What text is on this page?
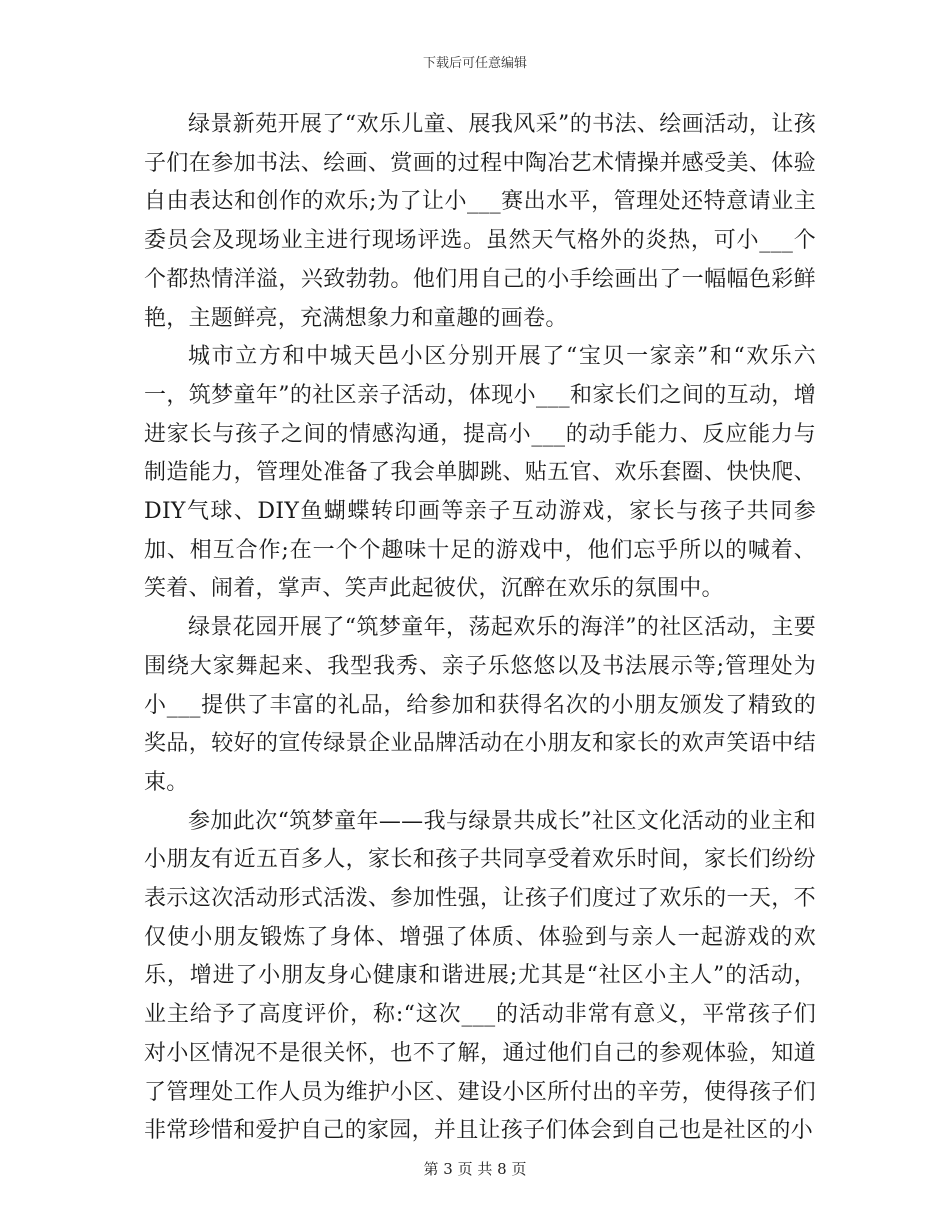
下载后可任意编辑

绿景新苑开展了“欢乐儿童、展我风采”的书法、绘画活动，让孩子们在参加书法、绘画、赏画的过程中陶冶艺术情操并感受美、体验自由表达和创作的欢乐;为了让小___赛出水平，管理处还特意请业主委员会及现场业主进行现场评选。虽然天气格外的炎热，可小___个个都热情洋溢，兴致勃勃。他们用自己的小手绘画出了一幅幅色彩鲜艳，主题鲜亮，充满想象力和童趣的画卷。

城市立方和中城天邑小区分别开展了“宝贝一家亲”和“欢乐六一，筑梦童年”的社区亲子活动，体现小___和家长们之间的互动，增进家长与孩子之间的情感沟通，提高小___的动手能力、反应能力与制造能力，管理处准备了我会单脚跳、贴五官、欢乐套圈、快快爬、DIY气球、DIY鱼蝴蝶转印画等亲子互动游戏，家长与孩子共同参加、相互合作;在一个个趣味十足的游戏中，他们忘乎所以的喊着、笑着、闹着，掌声、笑声此起彼伏，沉醉在欢乐的氛围中。

绿景花园开展了“筑梦童年，荡起欢乐的海洋”的社区活动，主要围绕大家舞起来、我型我秀、亲子乐悠悠以及书法展示等;管理处为小___提供了丰富的礼品，给参加和获得名次的小朋友颁发了精致的奖品，较好的宣传绿景企业品牌活动在小朋友和家长的欢声笑语中结束。

参加此次“筑梦童年——我与绿景共成长”社区文化活动的业主和小朋友有近五百多人，家长和孩子共同享受着欢乐时间，家长们纷纷表示这次活动形式活泼、参加性强，让孩子们度过了欢乐的一天，不仅使小朋友锻炼了身体、增强了体质、体验到与亲人一起游戏的欢乐，增进了小朋友身心健康和谐进展;尤其是“社区小主人”的活动，业主给予了高度评价，称:“这次___的活动非常有意义，平常孩子们对小区情况不是很关怀，也不了解，通过他们自己的参观体验，知道了管理处工作人员为维护小区、建设小区所付出的辛劳，使得孩子们非常珍惜和爱护自己的家园，并且让孩子们体会到自己也是社区的小

第 3 页 共 8 页
